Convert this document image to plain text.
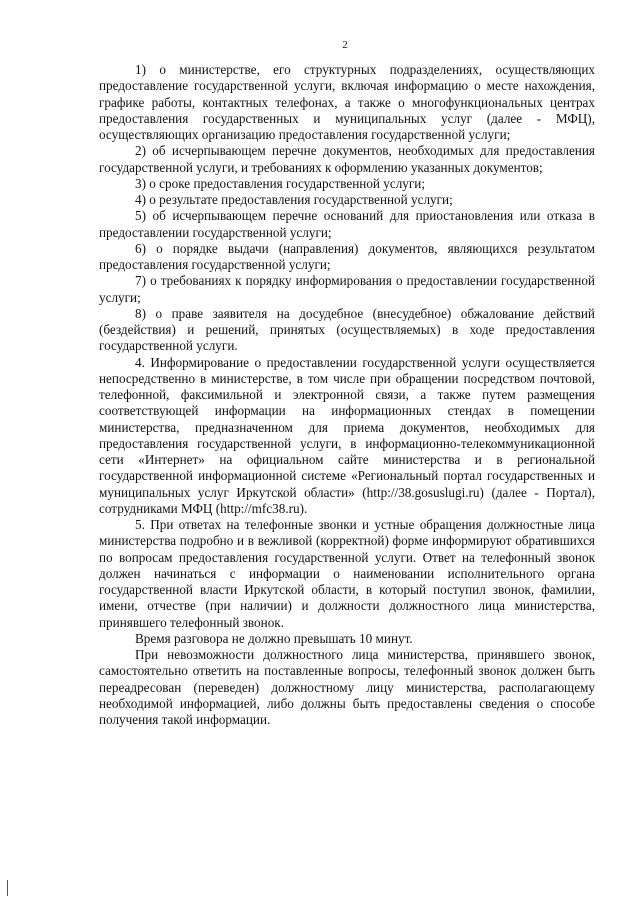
2

1) о министерстве, его структурных подразделениях, осуществляющих предоставление государственной услуги, включая информацию о месте нахождения, графике работы, контактных телефонах, а также о многофункциональных центрах предоставления государственных и муниципальных услуг (далее - МФЦ), осуществляющих организацию предоставления государственной услуги;

2) об исчерпывающем перечне документов, необходимых для предоставления государственной услуги, и требованиях к оформлению указанных документов;

3) о сроке предоставления государственной услуги;

4) о результате предоставления государственной услуги;

5) об исчерпывающем перечне оснований для приостановления или отказа в предоставлении государственной услуги;

6) о порядке выдачи (направления) документов, являющихся результатом предоставления государственной услуги;

7) о требованиях к порядку информирования о предоставлении государственной услуги;

8) о праве заявителя на досудебное (внесудебное) обжалование действий (бездействия) и решений, принятых (осуществляемых) в ходе предоставления государственной услуги.

4. Информирование о предоставлении государственной услуги осуществляется непосредственно в министерстве, в том числе при обращении посредством почтовой, телефонной, факсимильной и электронной связи, а также путем размещения соответствующей информации на информационных стендах в помещении министерства, предназначенном для приема документов, необходимых для предоставления государственной услуги, в информационно-телекоммуникационной сети «Интернет» на официальном сайте министерства и в региональной государственной информационной системе «Региональный портал государственных и муниципальных услуг Иркутской области» (http://38.gosuslugi.ru) (далее - Портал), сотрудниками МФЦ (http://mfc38.ru).

5. При ответах на телефонные звонки и устные обращения должностные лица министерства подробно и в вежливой (корректной) форме информируют обратившихся по вопросам предоставления государственной услуги. Ответ на телефонный звонок должен начинаться с информации о наименовании исполнительного органа государственной власти Иркутской области, в который поступил звонок, фамилии, имени, отчестве (при наличии) и должности должностного лица министерства, принявшего телефонный звонок.

Время разговора не должно превышать 10 минут.

При невозможности должностного лица министерства, принявшего звонок, самостоятельно ответить на поставленные вопросы, телефонный звонок должен быть переадресован (переведен) должностному лицу министерства, располагающему необходимой информацией, либо должны быть предоставлены сведения о способе получения такой информации.
